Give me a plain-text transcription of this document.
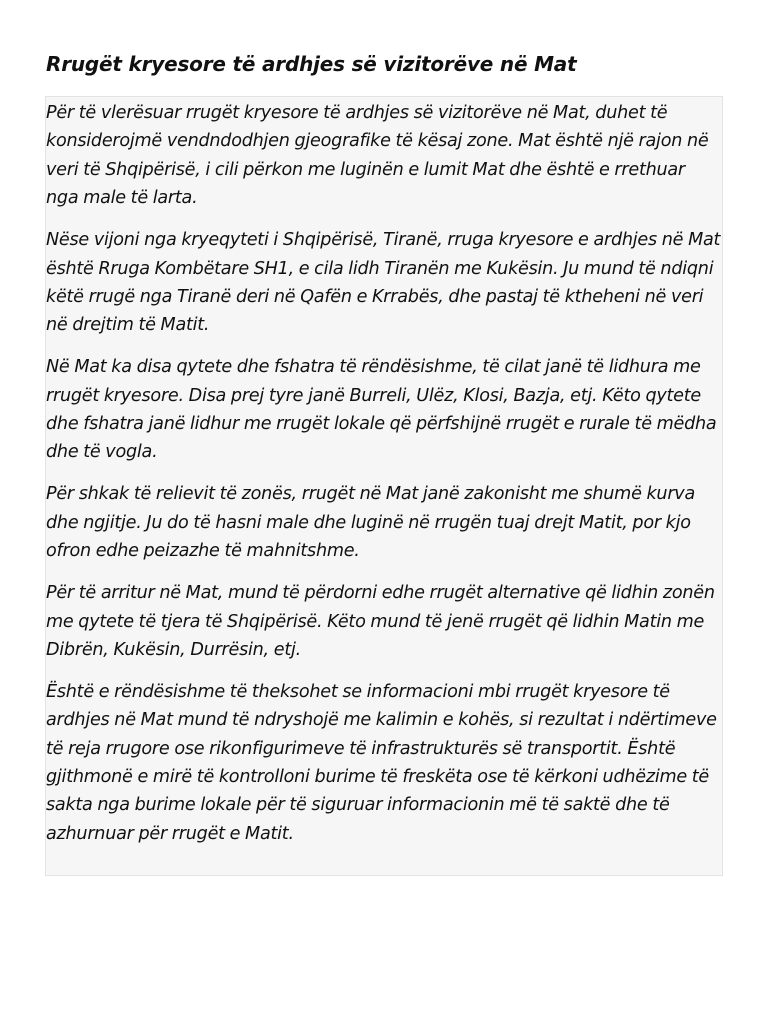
Rrugët kryesore të ardhjes së vizitorëve në Mat

Për të vlerësuar rrugët kryesore të ardhjes së vizitorëve në Mat, duhet të konsiderojmë vendndodhjen gjeografike të kësaj zone. Mat është një rajon në veri të Shqipërisë, i cili përkon me luginën e lumit Mat dhe është e rrethuar nga male të larta.

Nëse vijoni nga kryeqyteti i Shqipërisë, Tiranë, rruga kryesore e ardhjes në Mat është Rruga Kombëtare SH1, e cila lidh Tiranën me Kukësin. Ju mund të ndiqni këtë rrugë nga Tiranë deri në Qafën e Krrabës, dhe pastaj të ktheheni në veri në drejtim të Matit.

Në Mat ka disa qytete dhe fshatra të rëndësishme, të cilat janë të lidhura me rrugët kryesore. Disa prej tyre janë Burreli, Ulëz, Klosi, Bazja, etj. Këto qytete dhe fshatra janë lidhur me rrugët lokale që përfshijnë rrugët e rurale të mëdha dhe të vogla.

Për shkak të relievit të zonës, rrugët në Mat janë zakonisht me shumë kurva dhe ngjitje. Ju do të hasni male dhe luginë në rrugën tuaj drejt Matit, por kjo ofron edhe peizazhe të mahnitshme.

Për të arritur në Mat, mund të përdorni edhe rrugët alternative që lidhin zonën me qytete të tjera të Shqipërisë. Këto mund të jenë rrugët që lidhin Matin me Dibrën, Kukësin, Durrësin, etj.

Është e rëndësishme të theksohet se informacioni mbi rrugët kryesore të ardhjes në Mat mund të ndryshojë me kalimin e kohës, si rezultat i ndërtimeve të reja rrugore ose rikonfigurimeve të infrastrukturës së transportit. Është gjithmonë e mirë të kontrolloni burime të freskëta ose të kërkoni udhëzime të sakta nga burime lokale për të siguruar informacionin më të saktë dhe të azhurnuar për rrugët e Matit.
